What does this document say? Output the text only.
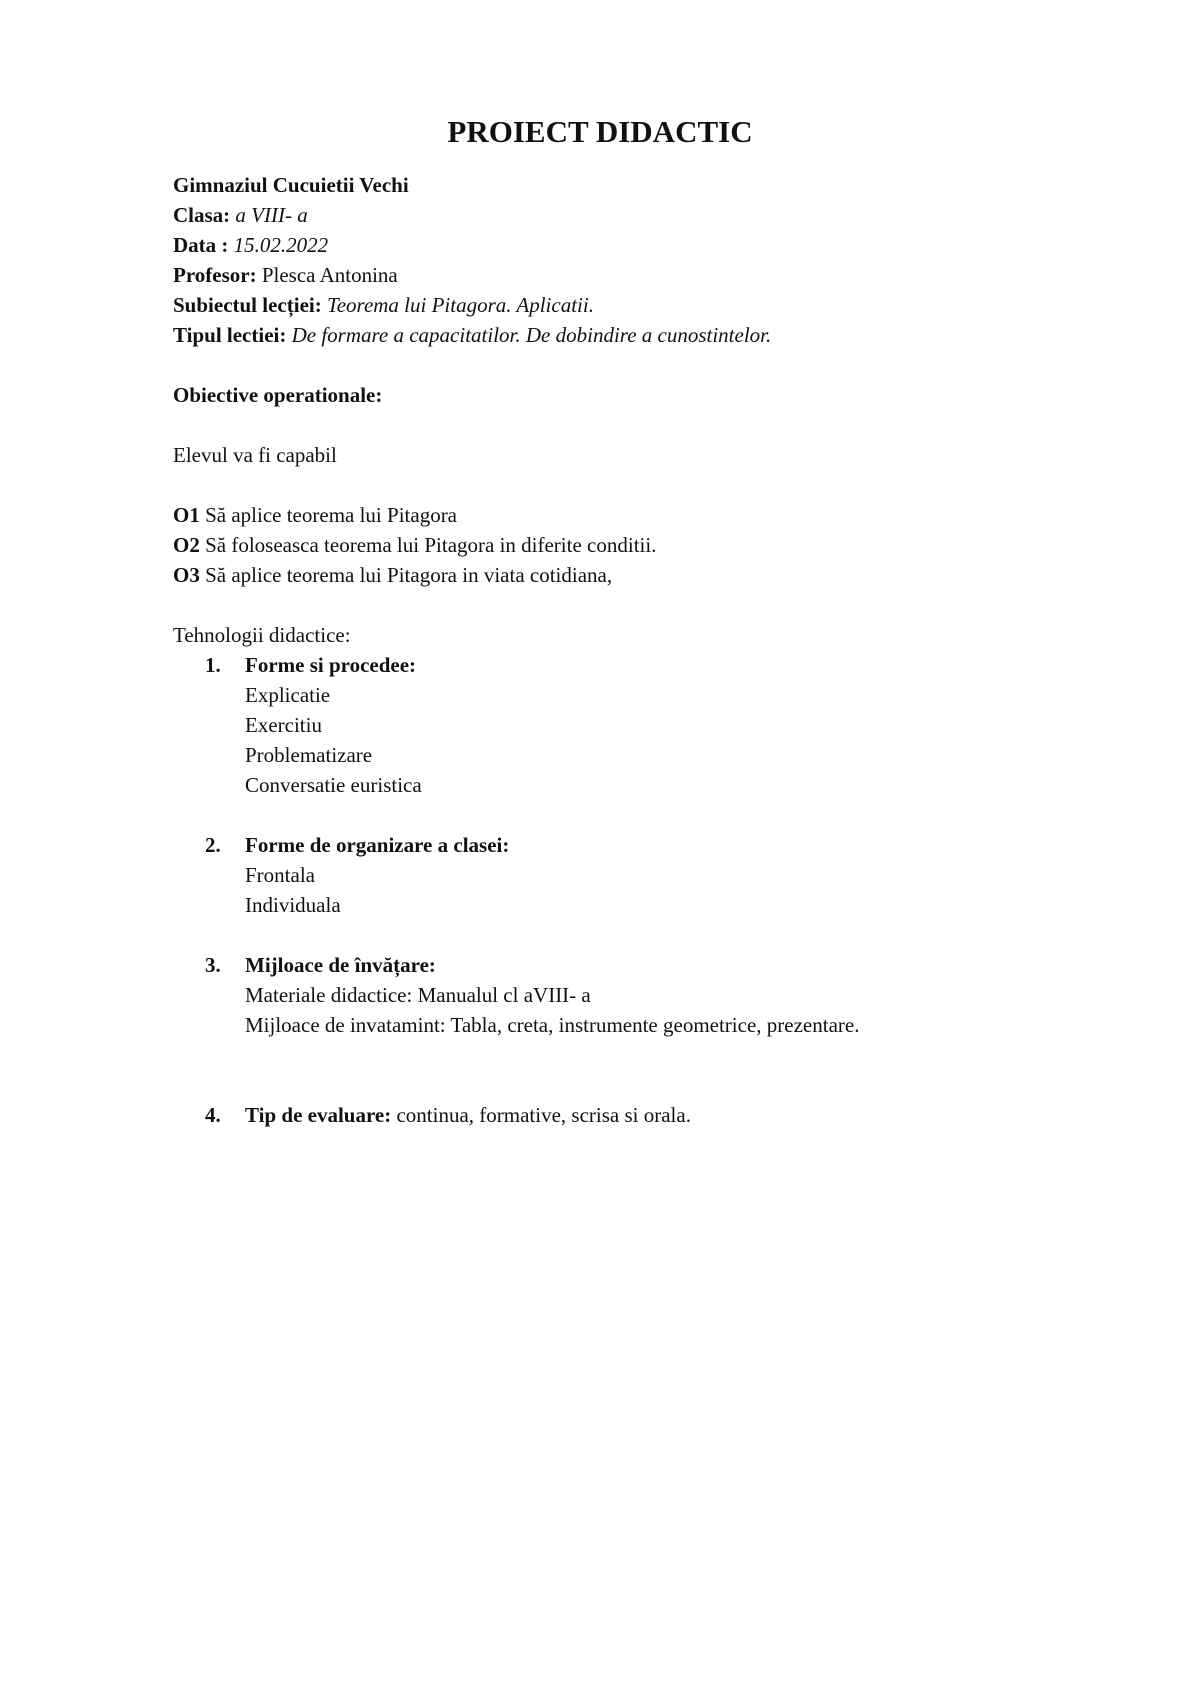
PROIECT DIDACTIC
Gimnaziul Cucuietii Vechi
Clasa: a VIII- a
Data : 15.02.2022
Profesor: Plesca Antonina
Subiectul lecției: Teorema lui Pitagora. Aplicatii.
Tipul lectiei: De formare a capacitatilor. De dobindire a cunostintelor.
Obiective operationale:
Elevul va fi capabil
O1 Să aplice teorema lui Pitagora
O2 Să foloseasca teorema lui Pitagora in diferite conditii.
O3 Să aplice teorema lui Pitagora in viata cotidiana,
Tehnologii didactice:
1.	Forme si procedee:
Explicatie
Exercitiu
Problematizare
Conversatie euristica
2.	Forme de organizare a clasei:
Frontala
Individuala
3.	Mijloace de învățare:
Materiale didactice: Manualul cl aVIII- a
Mijloace de invatamint: Tabla, creta, instrumente geometrice, prezentare.
4.	Tip de evaluare: continua, formative, scrisa si orala.
